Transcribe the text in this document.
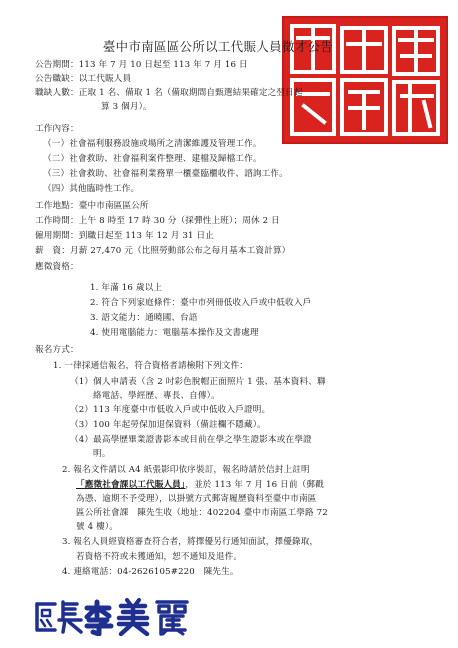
臺中市南區區公所以工代賑人員徵才公告
公告期間：113 年 7 月 10 日起至 113 年 7 月 16 日
公告職缺：以工代賑人員
職缺人數：正取 1 名、備取 1 名（備取期間自甄選結果確定之翌日起
算 3 個月）。
工作內容：
（一）社會福利服務設施或場所之清潔維護及管理工作。
（二）社會救助、社會福利案件整理、建檔及歸檔工作。
（三）社會救助、社會福利業務單一櫃臺臨櫃收件、諮詢工作。
（四）其他臨時性工作。
工作地點：臺中市南區區公所
工作時間：上午 8 時至 17 時 30 分（採彈性上班）；周休 2 日
僱用期間：到職日起至 113 年 12 月 31 日止
薪　資：月薪 27,470 元（比照勞動部公布之每月基本工資計算）
應徵資格：
1. 年滿 16 歲以上
2. 符合下列家庭條件：臺中市列冊低收入戶或中低收入戶
3. 語文能力：通曉國、台語
4. 使用電腦能力：電腦基本操作及文書處理
報名方式：
1. 一律採通信報名，符合資格者請檢附下列文件：
（1）個人申請表（含 2 吋彩色脫帽正面照片 1 張、基本資料、聯
絡電話、學經歷、專長、自傳）。
（2）113 年度臺中市低收入戶或中低收入戶證明。
（3）100 年起勞保加退保資料（備註欄不隱藏）。
（4）最高學歷畢業證書影本或目前在學之學生證影本或在學證
明。
2. 報名文件請以 A4 紙張影印依序裝訂，報名時請於信封上註明
「應徵社會課以工代賑人員」，並於 113 年 7 月 16 日前（郵戳
為憑、逾期不予受理），以掛號方式郵寄履歷資料至臺中市南區
區公所社會課　陳先生收（地址：402204 臺中市南區工學路 72
號 4 樓）。
3. 報名人員經資格審查符合者，將擇優另行通知面試，擇優錄取，
若資格不符或未獲通知，恕不通知及退件。
4. 連絡電話：04-2626105#220　陳先生。
